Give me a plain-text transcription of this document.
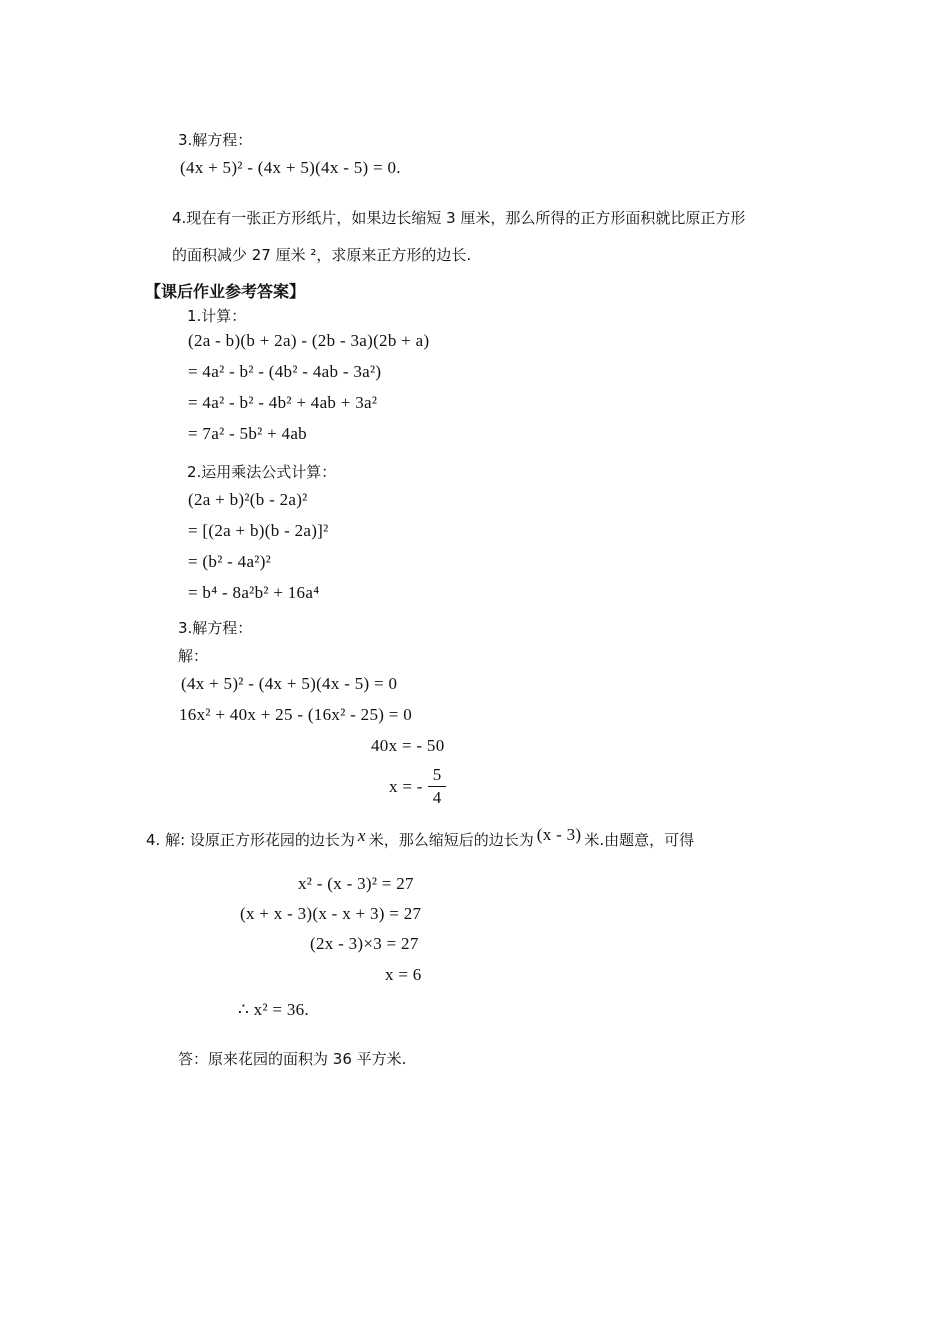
3.解方程：
(4x + 5)² - (4x + 5)(4x - 5) = 0.
4.现在有一张正方形纸片，如果边长缩短 3 厘米，那么所得的正方形面积就比原正方形
的面积减少 27 厘米 ²，求原来正方形的边长.
【课后作业参考答案】
1.计算：
(2a - b)(b + 2a) - (2b - 3a)(2b + a)
= 4a² - b² - (4b² - 4ab - 3a²)
= 4a² - b² - 4b² + 4ab + 3a²
= 7a² - 5b² + 4ab
2.运用乘法公式计算：
(2a + b)²(b - 2a)²
= [(2a + b)(b - 2a)]²
= (b² - 4a²)²
= b⁴ - 8a²b² + 16a⁴
3.解方程：
解：
(4x + 5)² - (4x + 5)(4x - 5) = 0
16x² + 40x + 25 - (16x² - 25) = 0
40x = - 50
x = -
5
4
4. 解: 设原正方形花园的边长为 x 米，那么缩短后的边长为 (x - 3) 米.由题意，可得
x² - (x - 3)² = 27
(x + x - 3)(x - x + 3) = 27
(2x - 3)×3 = 27
x = 6
∴ x² = 36.
答：原来花园的面积为 36 平方米.
